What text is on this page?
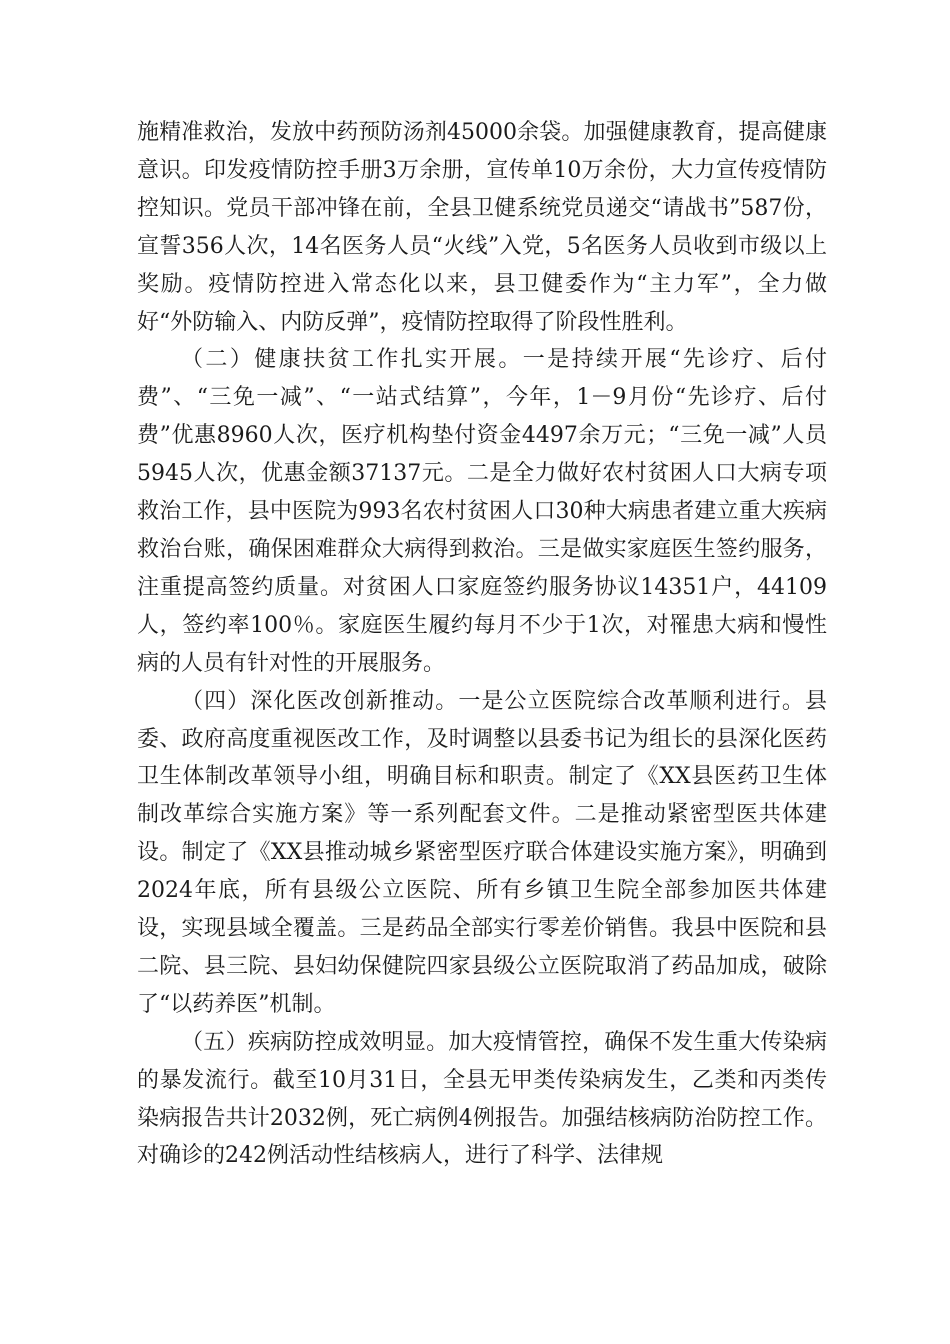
施精准救治，发放中药预防汤剂45000余袋。加强健康教育，提高健康意识。印发疫情防控手册3万余册，宣传单10万余份，大力宣传疫情防控知识。党员干部冲锋在前，全县卫健系统党员递交“请战书”587份，宣誓356人次，14名医务人员“火线”入党，5名医务人员收到市级以上奖励。疫情防控进入常态化以来，县卫健委作为“主力军”，全力做好“外防输入、内防反弹”，疫情防控取得了阶段性胜利。

（二）健康扶贫工作扎实开展。一是持续开展“先诊疗、后付费”、“三免一减”、“一站式结算”，今年，1－9月份“先诊疗、后付费”优惠8960人次，医疗机构垫付资金4497余万元；“三免一减”人员5945人次，优惠金额37137元。二是全力做好农村贫困人口大病专项救治工作，县中医院为993名农村贫困人口30种大病患者建立重大疾病救治台账，确保困难群众大病得到救治。三是做实家庭医生签约服务，注重提高签约质量。对贫困人口家庭签约服务协议14351户，44109人，签约率100％。家庭医生履约每月不少于1次，对罹患大病和慢性病的人员有针对性的开展服务。

（四）深化医改创新推动。一是公立医院综合改革顺利进行。县委、政府高度重视医改工作，及时调整以县委书记为组长的县深化医药卫生体制改革领导小组，明确目标和职责。制定了《XX县医药卫生体制改革综合实施方案》等一系列配套文件。二是推动紧密型医共体建设。制定了《XX县推动城乡紧密型医疗联合体建设实施方案》，明确到2024年底，所有县级公立医院、所有乡镇卫生院全部参加医共体建设，实现县域全覆盖。三是药品全部实行零差价销售。我县中医院和县二院、县三院、县妇幼保健院四家县级公立医院取消了药品加成，破除了“以药养医”机制。

（五）疾病防控成效明显。加大疫情管控，确保不发生重大传染病的暴发流行。截至10月31日，全县无甲类传染病发生，乙类和丙类传染病报告共计2032例，死亡病例4例报告。加强结核病防治防控工作。对确诊的242例活动性结核病人，进行了科学、法律规
